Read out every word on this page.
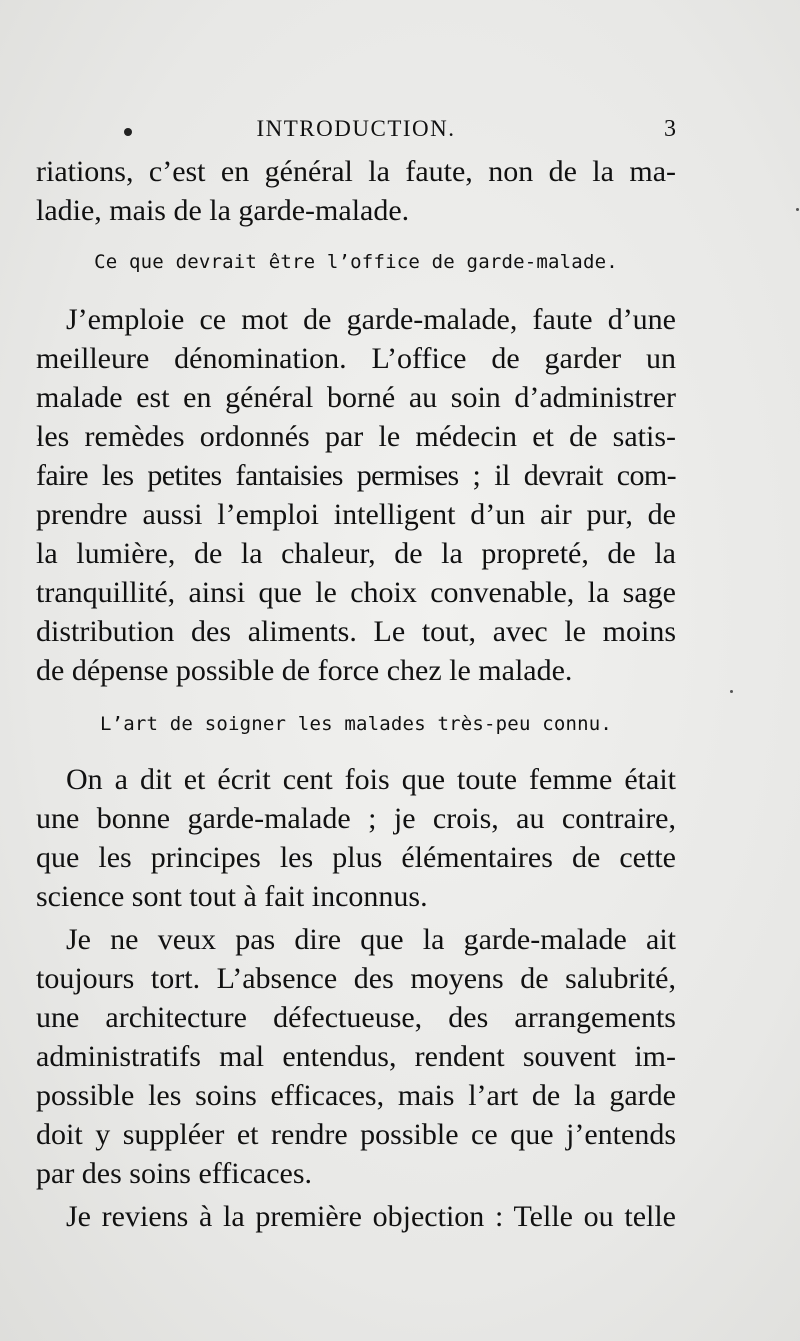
INTRODUCTION.	3

riations, c’est en général la faute, non de la ma-
ladie, mais de la garde-malade.

Ce que devrait être l’office de garde-malade.

J’emploie ce mot de garde-malade, faute d’une
meilleure dénomination. L’office de garder un
malade est en général borné au soin d’administrer
les remèdes ordonnés par le médecin et de satis-
faire les petites fantaisies permises ; il devrait com-
prendre aussi l’emploi intelligent d’un air pur, de
la lumière, de la chaleur, de la propreté, de la
tranquillité, ainsi que le choix convenable, la sage
distribution des aliments. Le tout, avec le moins
de dépense possible de force chez le malade.

L’art de soigner les malades très-peu connu.

On a dit et écrit cent fois que toute femme était
une bonne garde-malade ; je crois, au contraire,
que les principes les plus élémentaires de cette
science sont tout à fait inconnus.

Je ne veux pas dire que la garde-malade ait
toujours tort. L’absence des moyens de salubrité,
une architecture défectueuse, des arrangements
administratifs mal entendus, rendent souvent im-
possible les soins efficaces, mais l’art de la garde
doit y suppléer et rendre possible ce que j’entends
par des soins efficaces.

Je reviens à la première objection : Telle ou telle
